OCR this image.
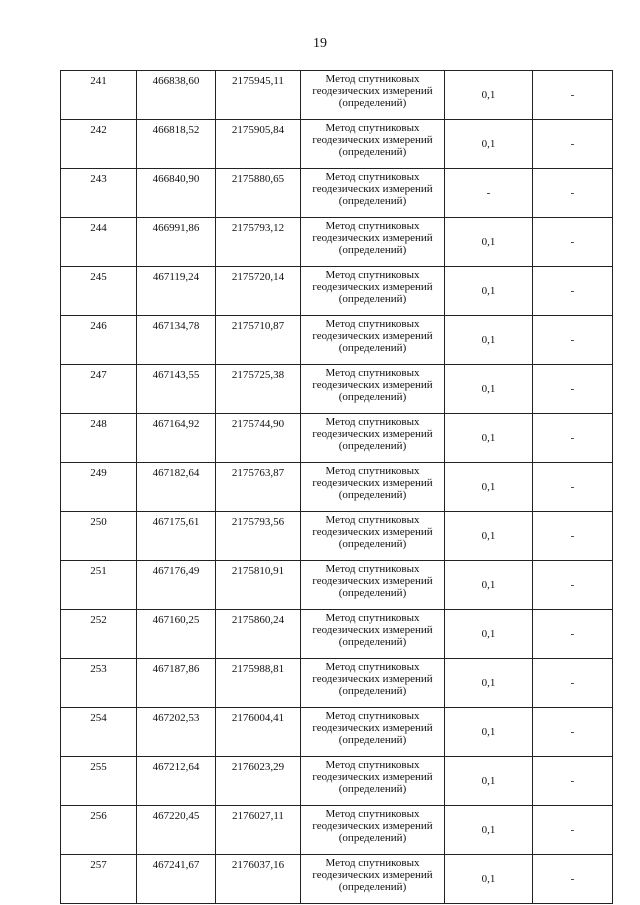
19
241	466838,60	2175945,11	Метод спутниковых геодезических измерений (определений)	0,1	-
242	466818,52	2175905,84	Метод спутниковых геодезических измерений (определений)	0,1	-
243	466840,90	2175880,65	Метод спутниковых геодезических измерений (определений)	-	-
244	466991,86	2175793,12	Метод спутниковых геодезических измерений (определений)	0,1	-
245	467119,24	2175720,14	Метод спутниковых геодезических измерений (определений)	0,1	-
246	467134,78	2175710,87	Метод спутниковых геодезических измерений (определений)	0,1	-
247	467143,55	2175725,38	Метод спутниковых геодезических измерений (определений)	0,1	-
248	467164,92	2175744,90	Метод спутниковых геодезических измерений (определений)	0,1	-
249	467182,64	2175763,87	Метод спутниковых геодезических измерений (определений)	0,1	-
250	467175,61	2175793,56	Метод спутниковых геодезических измерений (определений)	0,1	-
251	467176,49	2175810,91	Метод спутниковых геодезических измерений (определений)	0,1	-
252	467160,25	2175860,24	Метод спутниковых геодезических измерений (определений)	0,1	-
253	467187,86	2175988,81	Метод спутниковых геодезических измерений (определений)	0,1	-
254	467202,53	2176004,41	Метод спутниковых геодезических измерений (определений)	0,1	-
255	467212,64	2176023,29	Метод спутниковых геодезических измерений (определений)	0,1	-
256	467220,45	2176027,11	Метод спутниковых геодезических измерений (определений)	0,1	-
257	467241,67	2176037,16	Метод спутниковых геодезических измерений (определений)	0,1	-
